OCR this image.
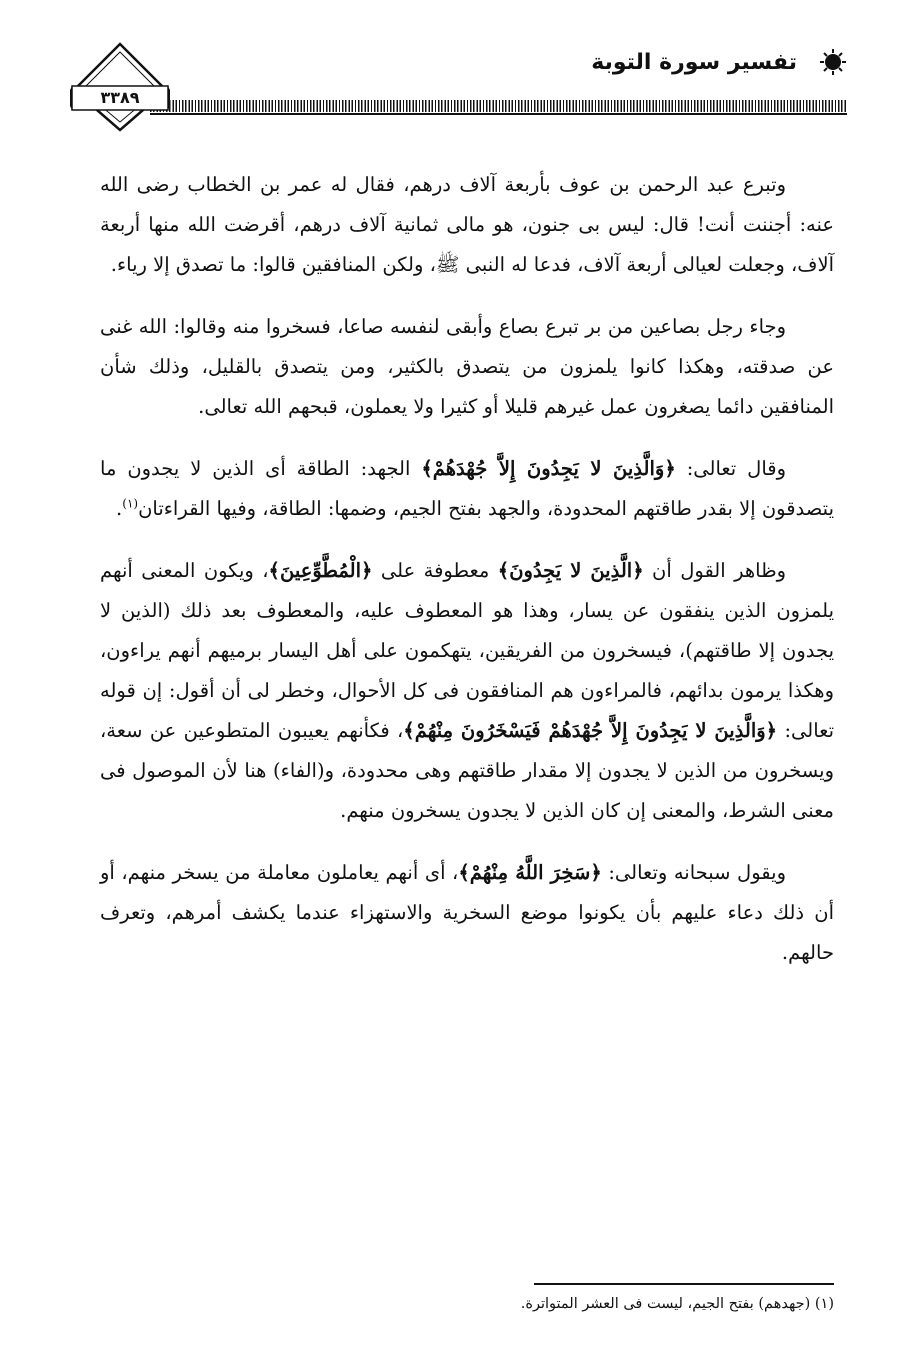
تفسير سورة التوبة
٣٣٨٩

وتبرع عبد الرحمن بن عوف بأربعة آلاف درهم، فقال له عمر بن الخطاب رضى الله عنه: أجننت أنت! قال: ليس بى جنون، هو مالى ثمانية آلاف درهم، أقرضت الله منها أربعة آلاف، وجعلت لعيالى أربعة آلاف، فدعا له النبى ﷺ، ولكن المنافقين قالوا: ما تصدق إلا رياء.

وجاء رجل بصاعين من بر تبرع بصاع وأبقى لنفسه صاعا، فسخروا منه وقالوا: الله غنى عن صدقته، وهكذا كانوا يلمزون من يتصدق بالكثير، ومن يتصدق بالقليل، وذلك شأن المنافقين دائما يصغرون عمل غيرهم قليلا أو كثيرا ولا يعملون، قبحهم الله تعالى.

وقال تعالى: ﴿وَالَّذِينَ لا يَجِدُونَ إِلاَّ جُهْدَهُمْ﴾ الجهد: الطاقة أى الذين لا يجدون ما يتصدقون إلا بقدر طاقتهم المحدودة، والجهد بفتح الجيم، وضمها: الطاقة، وفيها القراءتان$^{(١)}$.

وظاهر القول أن ﴿الَّذِينَ لا يَجِدُونَ﴾ معطوفة على ﴿الْمُطَّوِّعِينَ﴾، ويكون المعنى أنهم يلمزون الذين ينفقون عن يسار، وهذا هو المعطوف عليه، والمعطوف بعد ذلك (الذين لا يجدون إلا طاقتهم)، فيسخرون من الفريقين، يتهكمون على أهل اليسار برميهم أنهم يراءون، وهكذا يرمون بدائهم، فالمراءون هم المنافقون فى كل الأحوال، وخطر لى أن أقول: إن قوله تعالى: ﴿وَالَّذِينَ لا يَجِدُونَ إِلاَّ جُهْدَهُمْ فَيَسْخَرُونَ مِنْهُمْ﴾، فكأنهم يعيبون المتطوعين عن سعة، ويسخرون من الذين لا يجدون إلا مقدار طاقتهم وهى محدودة، و(الفاء) هنا لأن الموصول فى معنى الشرط، والمعنى إن كان الذين لا يجدون يسخرون منهم.

ويقول سبحانه وتعالى: ﴿سَخِرَ اللَّهُ مِنْهُمْ﴾، أى أنهم يعاملون معاملة من يسخر منهم، أو أن ذلك دعاء عليهم بأن يكونوا موضع السخرية والاستهزاء عندما يكشف أمرهم، وتعرف حالهم.

(١) (جهدهم) بفتح الجيم، ليست فى العشر المتواترة.
